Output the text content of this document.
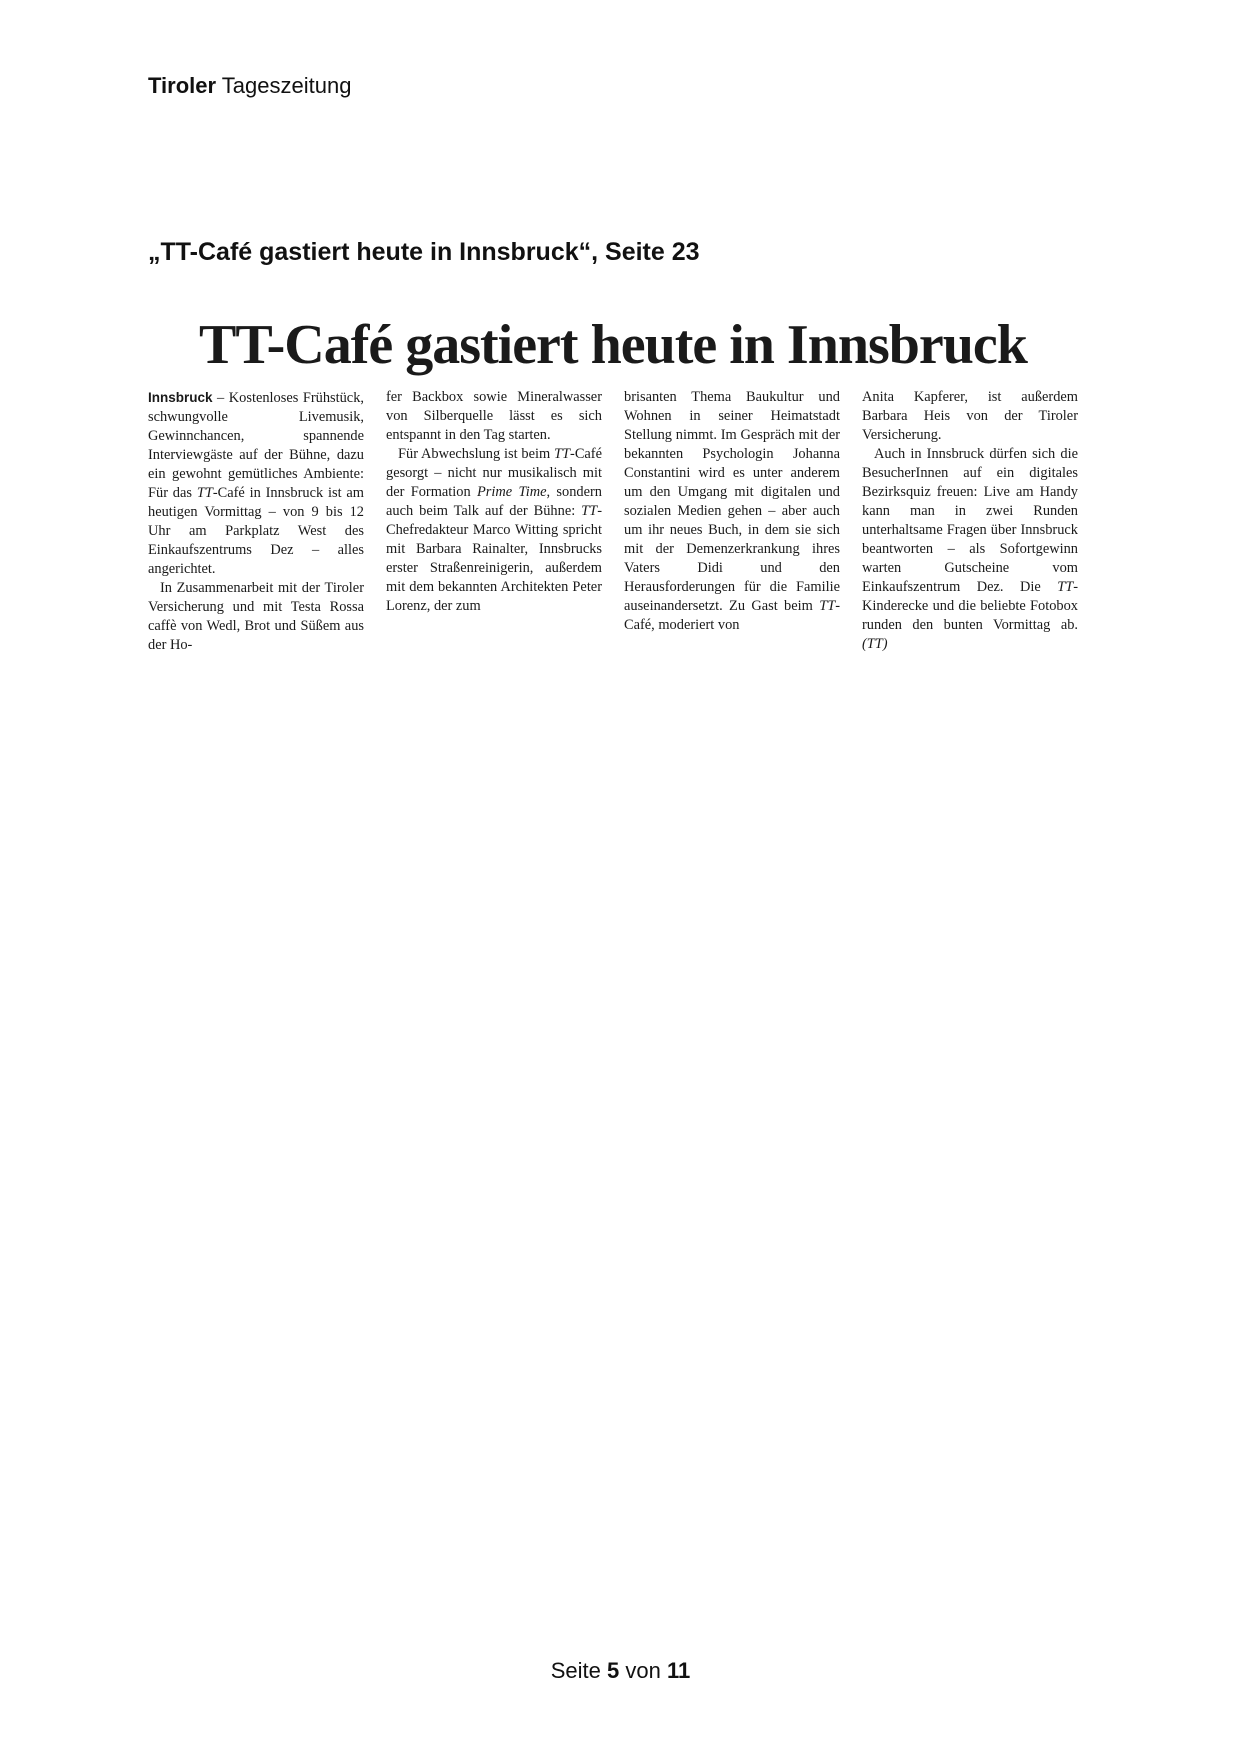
Tiroler Tageszeitung
„TT-Café gastiert heute in Innsbruck“, Seite 23
TT-Café gastiert heute in Innsbruck

Innsbruck – Kostenloses Frühstück, schwungvolle Livemusik, Gewinnchancen, spannende Interviewgäste auf der Bühne, dazu ein gewohnt gemütliches Ambiente: Für das TT-Café in Innsbruck ist am heutigen Vormittag – von 9 bis 12 Uhr am Parkplatz West des Einkaufszentrums Dez – alles angerichtet.

In Zusammenarbeit mit der Tiroler Versicherung und mit Testa Rossa caffè von Wedl, Brot und Süßem aus der Ho-

fer Backbox sowie Mineralwasser von Silberquelle lässt es sich entspannt in den Tag starten.

Für Abwechslung ist beim TT-Café gesorgt – nicht nur musikalisch mit der Formation Prime Time, sondern auch beim Talk auf der Bühne: TT-Chefredakteur Marco Witting spricht mit Barbara Rainalter, Innsbrucks erster Straßenreinigerin, außerdem mit dem bekannten Architekten Peter Lorenz, der zum

brisanten Thema Baukultur und Wohnen in seiner Heimatstadt Stellung nimmt. Im Gespräch mit der bekannten Psychologin Johanna Constantini wird es unter anderem um den Umgang mit digitalen und sozialen Medien gehen – aber auch um ihr neues Buch, in dem sie sich mit der Demenzerkrankung ihres Vaters Didi und den Herausforderungen für die Familie auseinandersetzt. Zu Gast beim TT-Café, moderiert von

Anita Kapferer, ist außerdem Barbara Heis von der Tiroler Versicherung.

Auch in Innsbruck dürfen sich die BesucherInnen auf ein digitales Bezirksquiz freuen: Live am Handy kann man in zwei Runden unterhaltsame Fragen über Innsbruck beantworten – als Sofortgewinn warten Gutscheine vom Einkaufszentrum Dez. Die TT-Kinderecke und die beliebte Fotobox runden den bunten Vormittag ab. (TT)

Seite 5 von 11
